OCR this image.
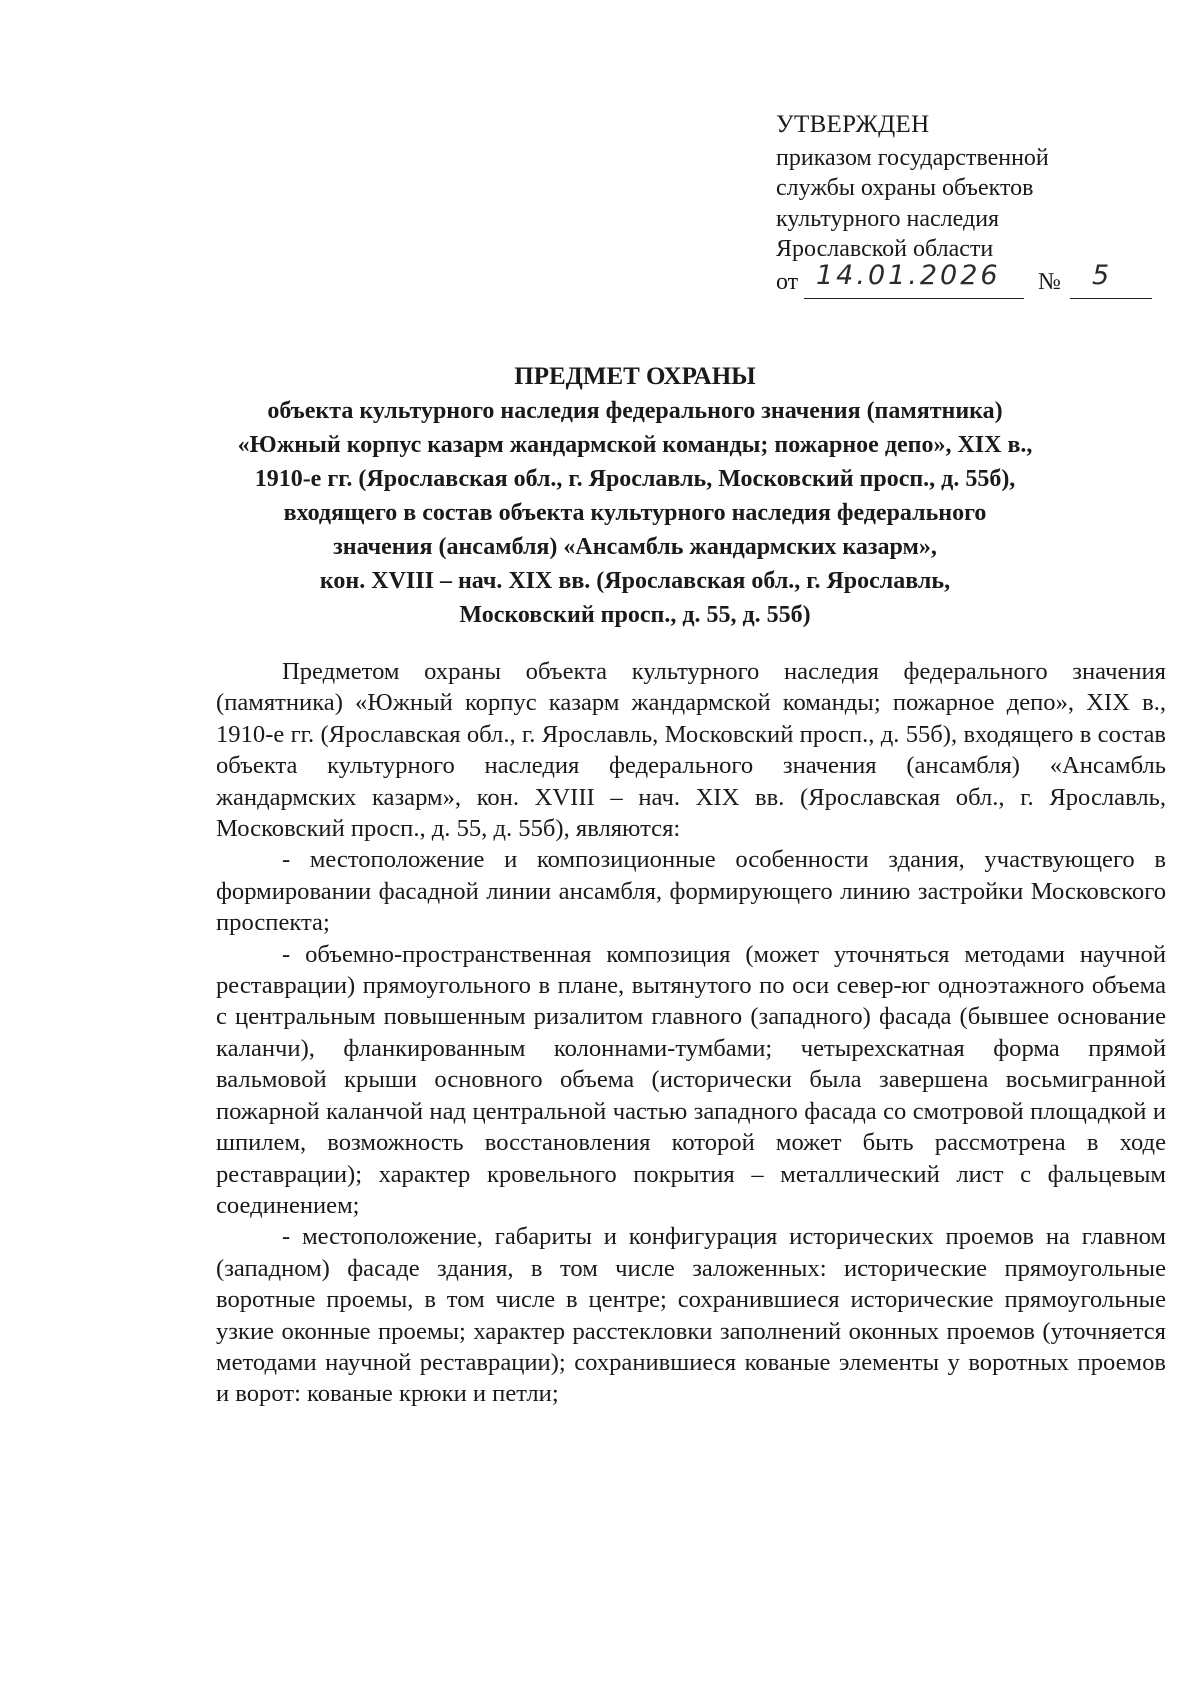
УТВЕРЖДЕН
приказом государственной
службы охраны объектов
культурного наследия
Ярославской области
от 14.01.2026 № 5
ПРЕДМЕТ ОХРАНЫ
объекта культурного наследия федерального значения (памятника)
«Южный корпус казарм жандармской команды; пожарное депо», XIX в.,
1910-е гг. (Ярославская обл., г. Ярославль, Московский просп., д. 55б),
входящего в состав объекта культурного наследия федерального
значения (ансамбля) «Ансамбль жандармских казарм»,
кон. XVIII – нач. XIX вв. (Ярославская обл., г. Ярославль,
Московский просп., д. 55, д. 55б)

Предметом охраны объекта культурного наследия федерального значения (памятника) «Южный корпус казарм жандармской команды; пожарное депо», XIX в., 1910-е гг. (Ярославская обл., г. Ярославль, Московский просп., д. 55б), входящего в состав объекта культурного наследия федерального значения (ансамбля) «Ансамбль жандармских казарм», кон. XVIII – нач. XIX вв. (Ярославская обл., г. Ярославль, Московский просп., д. 55, д. 55б), являются:

- местоположение и композиционные особенности здания, участвующего в формировании фасадной линии ансамбля, формирующего линию застройки Московского проспекта;

- объемно-пространственная композиция (может уточняться методами научной реставрации) прямоугольного в плане, вытянутого по оси север-юг одноэтажного объема с центральным повышенным ризалитом главного (западного) фасада (бывшее основание каланчи), фланкированным колоннами-тумбами; четырехскатная форма прямой вальмовой крыши основного объема (исторически была завершена восьмигранной пожарной каланчой над центральной частью западного фасада со смотровой площадкой и шпилем, возможность восстановления которой может быть рассмотрена в ходе реставрации); характер кровельного покрытия – металлический лист с фальцевым соединением;

- местоположение, габариты и конфигурация исторических проемов на главном (западном) фасаде здания, в том числе заложенных: исторические прямоугольные воротные проемы, в том числе в центре; сохранившиеся исторические прямоугольные узкие оконные проемы; характер расстекловки заполнений оконных проемов (уточняется методами научной реставрации); сохранившиеся кованые элементы у воротных проемов и ворот: кованые крюки и петли;
